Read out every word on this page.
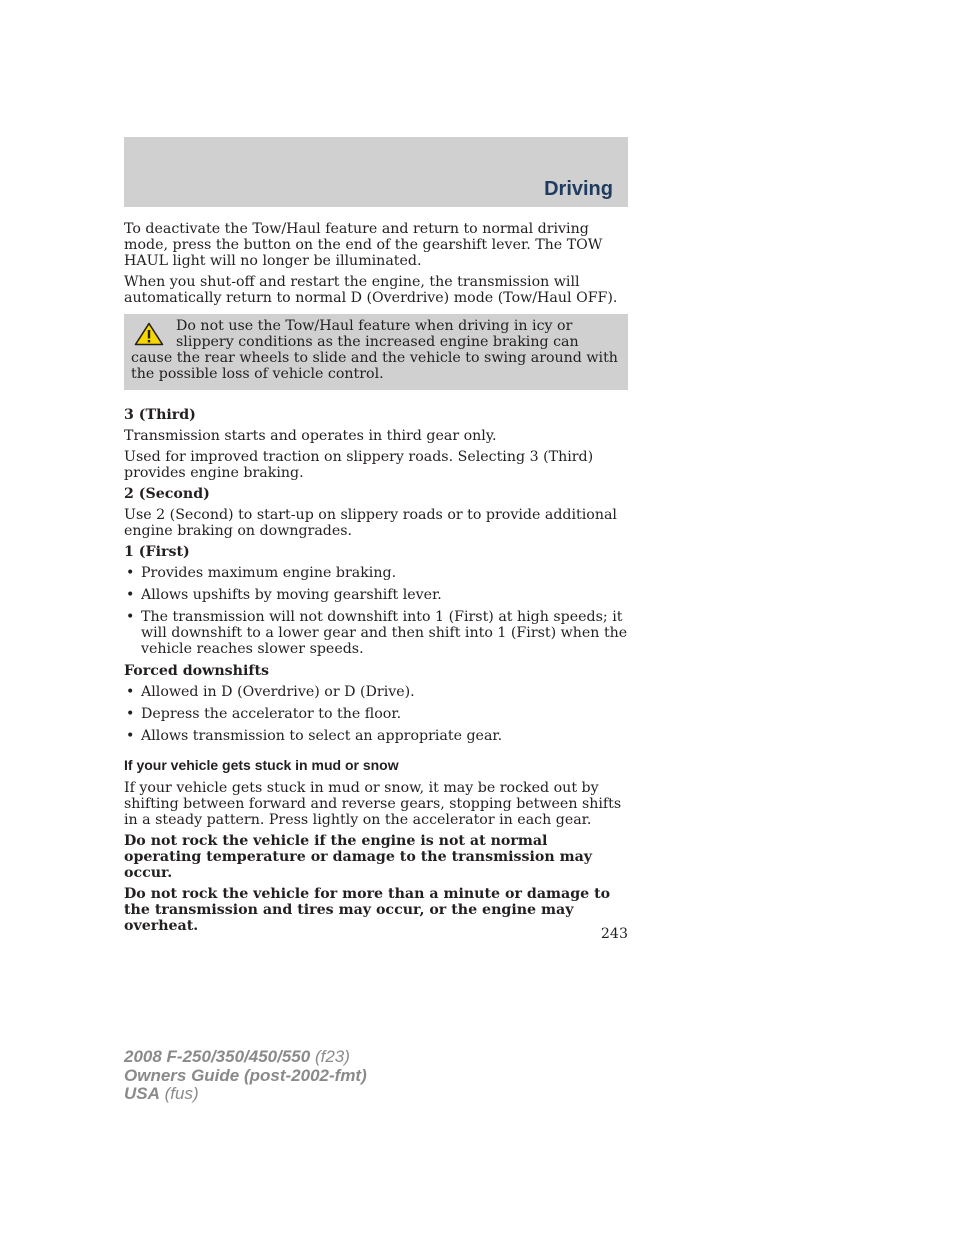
Driving

To deactivate the Tow/Haul feature and return to normal driving mode, press the button on the end of the gearshift lever. The TOW HAUL light will no longer be illuminated.

When you shut-off and restart the engine, the transmission will automatically return to normal D (Overdrive) mode (Tow/Haul OFF).

Do not use the Tow/Haul feature when driving in icy or slippery conditions as the increased engine braking can cause the rear wheels to slide and the vehicle to swing around with the possible loss of vehicle control.

3 (Third)

Transmission starts and operates in third gear only.

Used for improved traction on slippery roads. Selecting 3 (Third) provides engine braking.

2 (Second)

Use 2 (Second) to start-up on slippery roads or to provide additional engine braking on downgrades.

1 (First)

• Provides maximum engine braking.
• Allows upshifts by moving gearshift lever.
• The transmission will not downshift into 1 (First) at high speeds; it will downshift to a lower gear and then shift into 1 (First) when the vehicle reaches slower speeds.

Forced downshifts

• Allowed in D (Overdrive) or D (Drive).
• Depress the accelerator to the floor.
• Allows transmission to select an appropriate gear.

If your vehicle gets stuck in mud or snow

If your vehicle gets stuck in mud or snow, it may be rocked out by shifting between forward and reverse gears, stopping between shifts in a steady pattern. Press lightly on the accelerator in each gear.

Do not rock the vehicle if the engine is not at normal operating temperature or damage to the transmission may occur.

Do not rock the vehicle for more than a minute or damage to the transmission and tires may occur, or the engine may overheat.	243
2008 F-250/350/450/550 (f23)
Owners Guide (post-2002-fmt)
USA (fus)
